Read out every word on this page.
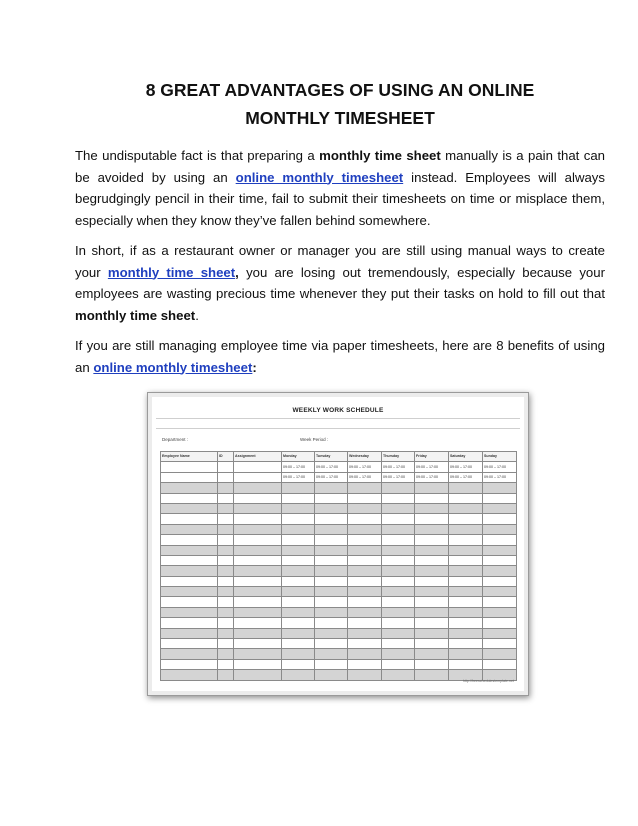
8 GREAT ADVANTAGES OF USING AN ONLINE
MONTHLY TIMESHEET

The undisputable fact is that preparing a monthly time sheet manually is a pain that can be avoided by using an online monthly timesheet instead. Employees will always begrudgingly pencil in their time, fail to submit their timesheets on time or misplace them, especially when they know they’ve fallen behind somewhere.

In short, if as a restaurant owner or manager you are still using manual ways to create your monthly time sheet, you are losing out tremendously, especially because your employees are wasting precious time whenever they put their tasks on hold to fill out that monthly time sheet.

If you are still managing employee time via paper timesheets, here are 8 benefits of using an online monthly timesheet:

WEEKLY WORK SCHEDULE
Department :	Week Period :
Employee Name	ID	Assignment	Monday	Tuesday	Wednesday	Thursday	Friday	Saturday	Sunday
			09:00 – 17:00	09:00 – 17:00	09:00 – 17:00	09:00 – 17:00	09:00 – 17:00	09:00 – 17:00	09:00 – 17:00
			09:00 – 17:00	09:00 – 17:00	09:00 – 17:00	09:00 – 17:00	09:00 – 17:00	09:00 – 17:00	09:00 – 17:00

http://freeschedulestemplate.net
